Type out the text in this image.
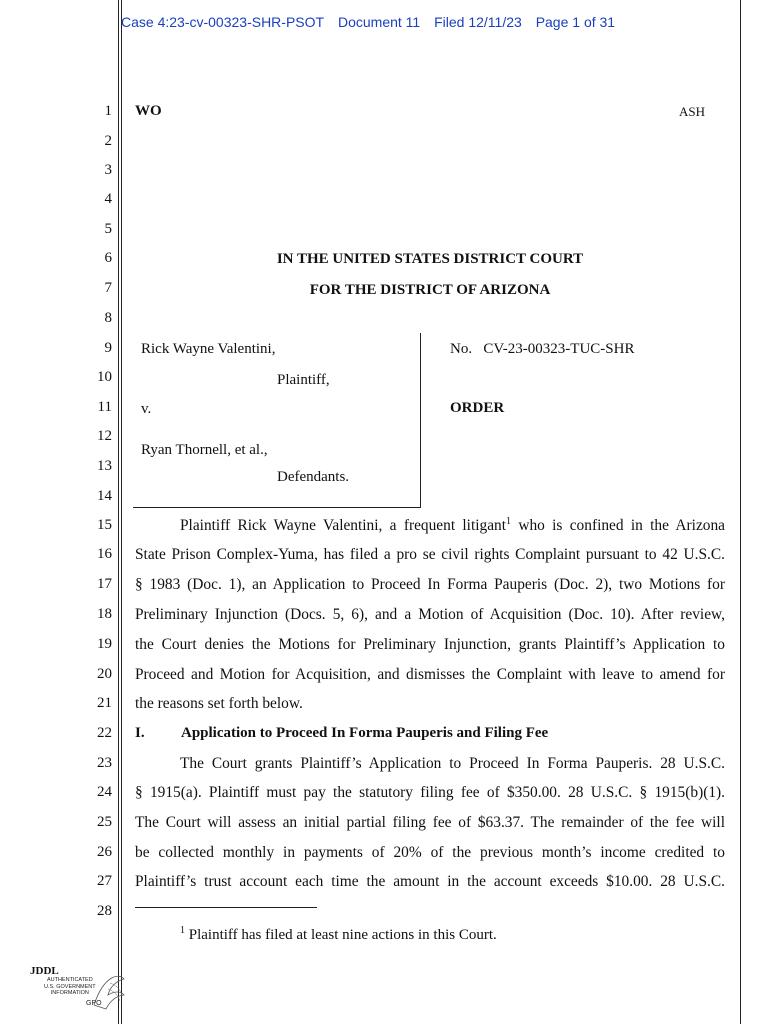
Case 4:23-cv-00323-SHR-PSOT Document 11 Filed 12/11/23 Page 1 of 31
1
2
3
4
5
6
7
8
9
10
11
12
13
14
15
16
17
18
19
20
21
22
23
24
25
26
27
28
WO	ASH
IN THE UNITED STATES DISTRICT COURT
FOR THE DISTRICT OF ARIZONA
Rick Wayne Valentini,
Plaintiff,
v.
Ryan Thornell, et al.,
Defendants.
No.   CV-23-00323-TUC-SHR
ORDER
Plaintiff Rick Wayne Valentini, a frequent litigant$^1$ who is confined in the Arizona
State Prison Complex-Yuma, has filed a pro se civil rights Complaint pursuant to 42 U.S.C.
§ 1983 (Doc. 1), an Application to Proceed In Forma Pauperis (Doc. 2), two Motions for
Preliminary Injunction (Docs. 5, 6), and a Motion of Acquisition (Doc. 10). After review,
the Court denies the Motions for Preliminary Injunction, grants Plaintiff’s Application to
Proceed and Motion for Acquisition, and dismisses the Complaint with leave to amend for
the reasons set forth below.
I. Application to Proceed In Forma Pauperis and Filing Fee
The Court grants Plaintiff’s Application to Proceed In Forma Pauperis. 28 U.S.C.
§ 1915(a). Plaintiff must pay the statutory filing fee of $350.00. 28 U.S.C. § 1915(b)(1).
The Court will assess an initial partial filing fee of $63.37. The remainder of the fee will
be collected monthly in payments of 20% of the previous month’s income credited to
Plaintiff’s trust account each time the amount in the account exceeds $10.00. 28 U.S.C.
$^1$ Plaintiff has filed at least nine actions in this Court.
JDDL
AUTHENTICATED
U.S. GOVERNMENT
INFORMATION
GPO
